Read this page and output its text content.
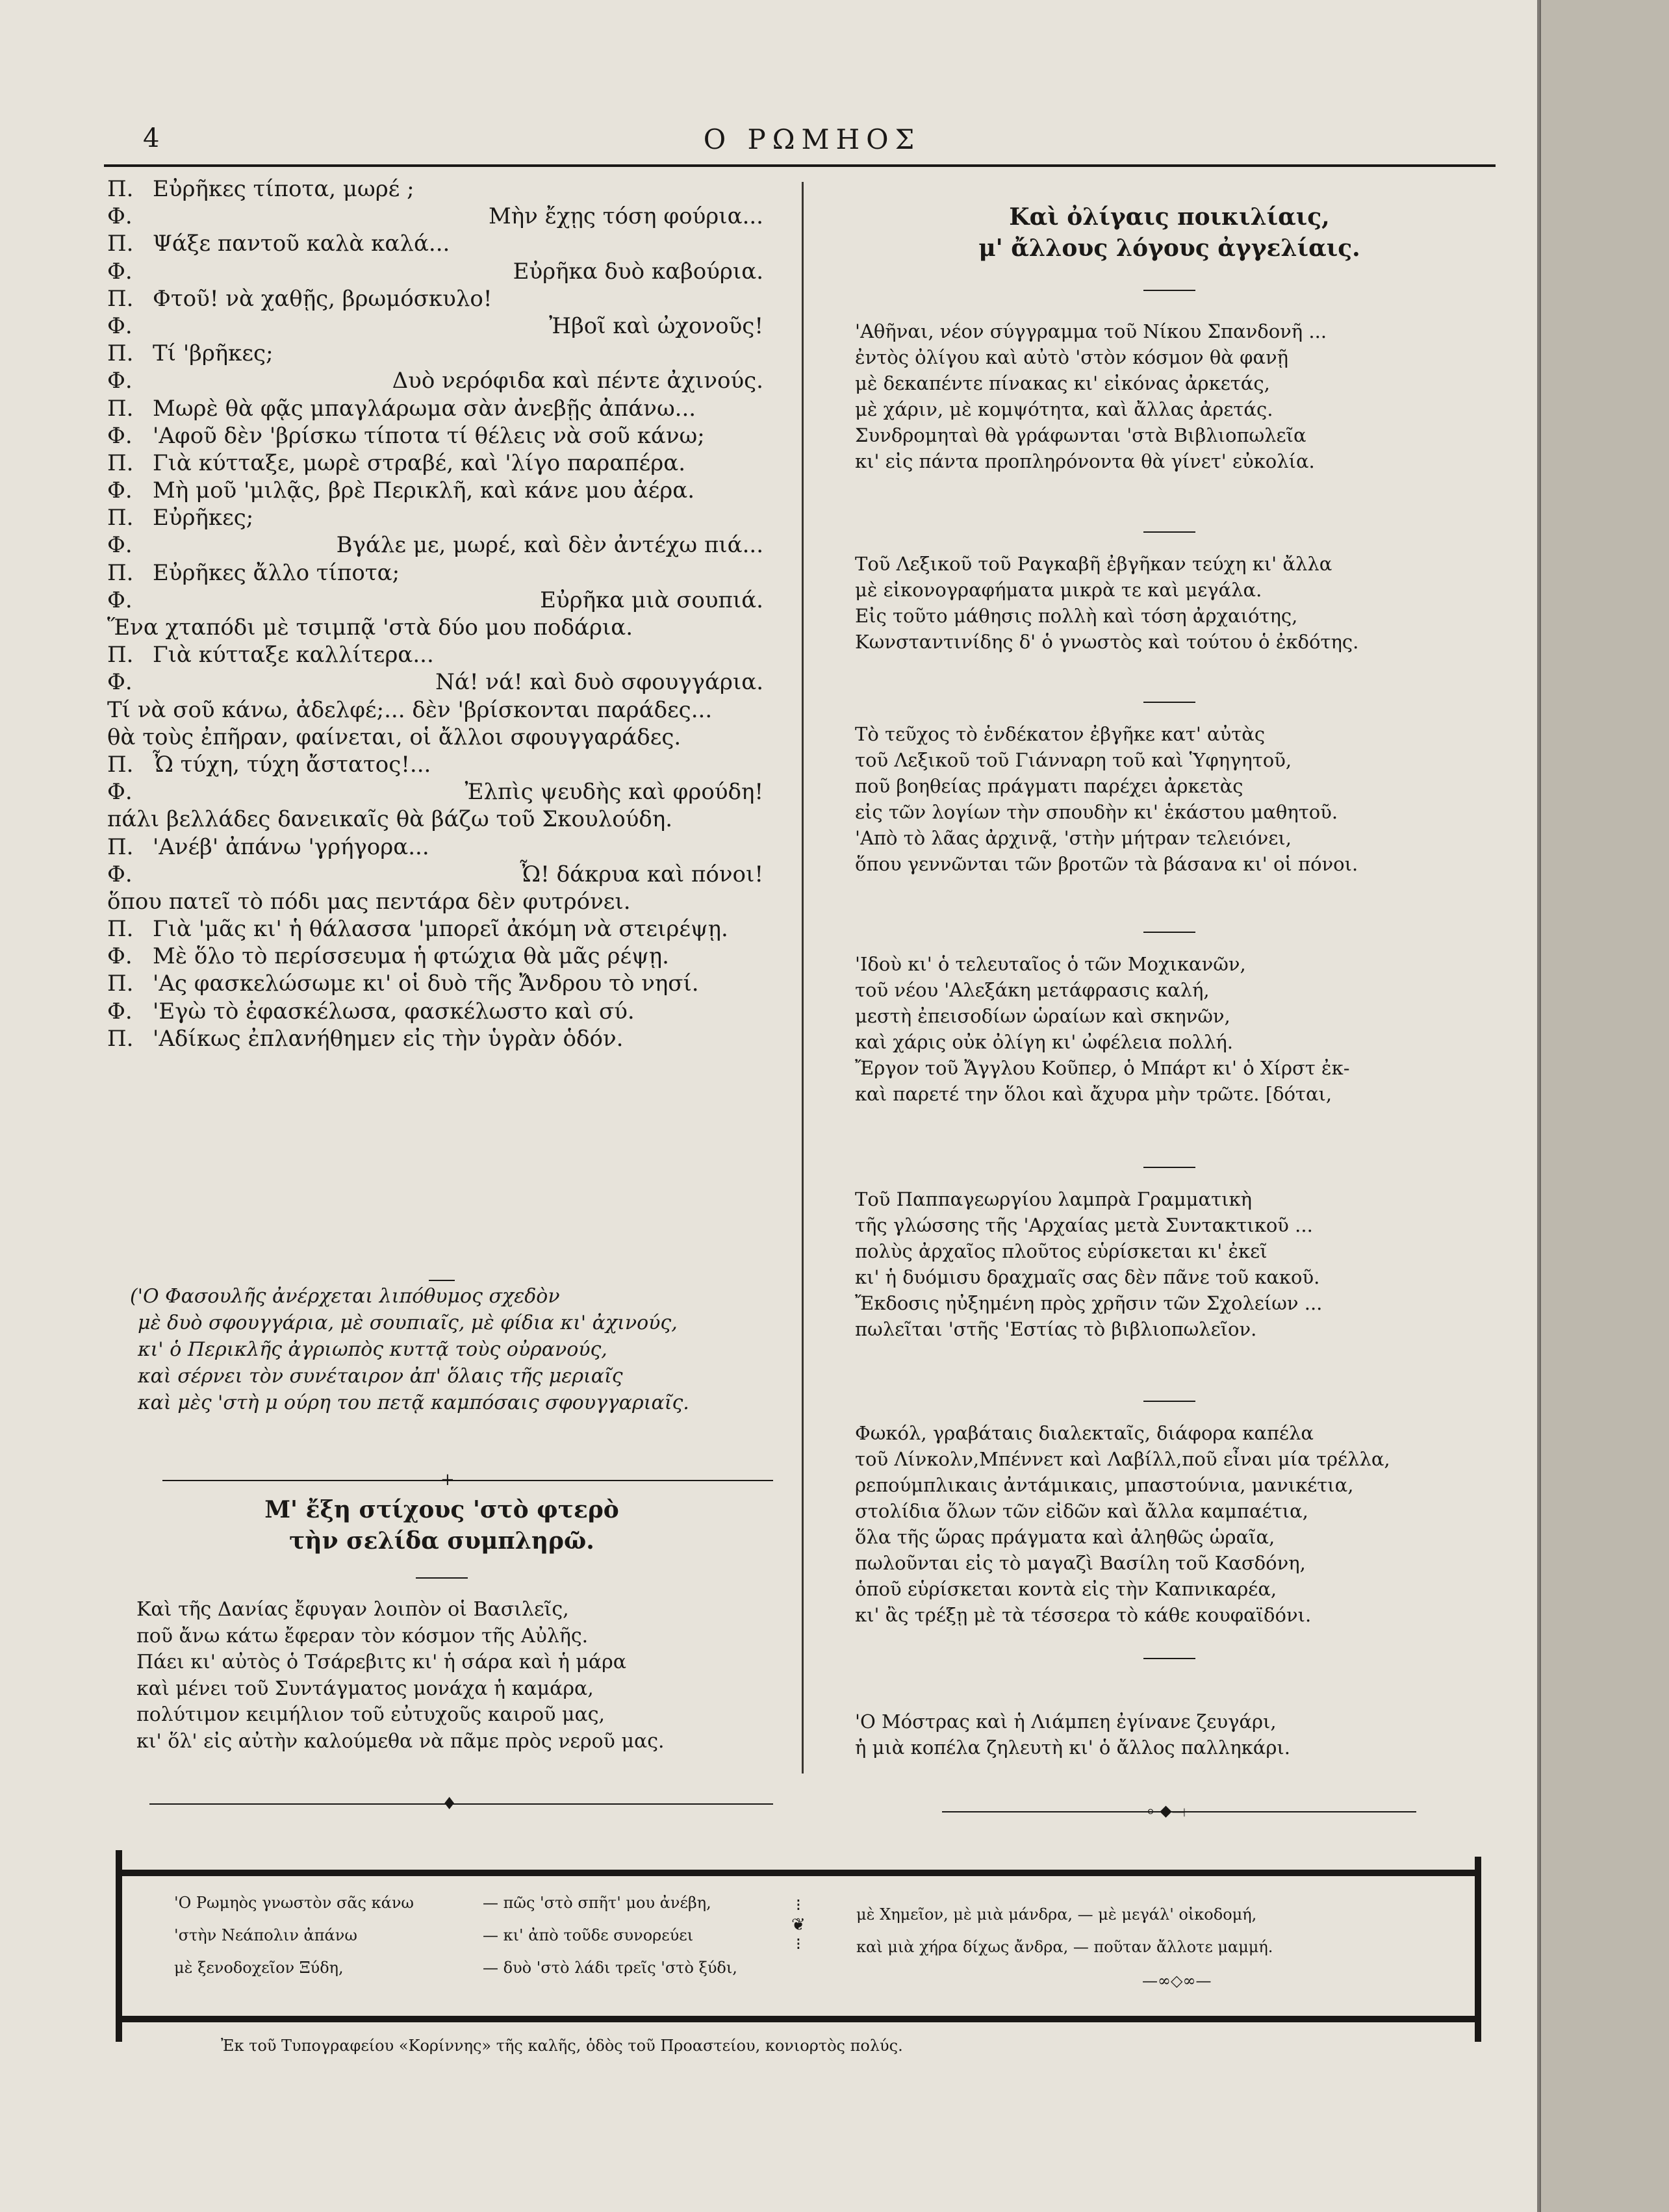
4	Ο ΡΩΜΗΟΣ
Π. Εὐρῆκες τίποτα, μωρέ ;
Φ.	Μὴν ἔχῃς τόση φούρια...
Π. Ψάξε παντοῦ καλὰ καλά...
Φ.	Εὐρῆκα δυὸ καβούρια.
Π. Φτοῦ! νὰ χαθῇς, βρωμόσκυλο!
Φ.	Ἠβοῖ καὶ ὠχονοῦς!
Π. Τί 'βρῆκες;
Φ.	Δυὸ νερόφιδα καὶ πέντε ἀχινούς.
Π. Μωρὲ θὰ φᾷς μπαγλάρωμα σὰν ἀνεβῇς ἀπάνω...
Φ. 'Αφοῦ δὲν 'βρίσκω τίποτα τί θέλεις νὰ σοῦ κάνω;
Π. Γιὰ κύτταξε, μωρὲ στραβέ, καὶ 'λίγο παραπέρα.
Φ. Μὴ μοῦ 'μιλᾷς, βρὲ Περικλῆ, καὶ κάνε μου ἀέρα.
Π. Εὐρῆκες;
Φ.	Βγάλε με, μωρέ, καὶ δὲν ἀντέχω πιά...
Π. Εὐρῆκες ἄλλο τίποτα;
Φ.	Εὐρῆκα μιὰ σουπιά.
Ἕνα χταπόδι μὲ τσιμπᾷ 'στὰ δύο μου ποδάρια.
Π. Γιὰ κύτταξε καλλίτερα...
Φ.	Νά! νά! καὶ δυὸ σφουγγάρια.
Τί νὰ σοῦ κάνω, ἀδελφέ;... δὲν 'βρίσκονται παράδες...
θὰ τοὺς ἐπῆραν, φαίνεται, οἱ ἄλλοι σφουγγαράδες.
Π. Ὦ τύχη, τύχη ἄστατος!...
Φ.	Ἐλπὶς ψευδὴς καὶ φρούδη!
πάλι βελλάδες δανεικαῖς θὰ βάζω τοῦ Σκουλούδη.
Π. 'Ανέβ' ἀπάνω 'γρήγορα...
Φ.	Ὦ! δάκρυα καὶ πόνοι!
ὅπου πατεῖ τὸ πόδι μας πεντάρα δὲν φυτρόνει.
Π. Γιὰ 'μᾶς κι' ἡ θάλασσα 'μπορεῖ ἀκόμη νὰ στειρέψῃ.
Φ. Μὲ ὅλο τὸ περίσσευμα ἡ φτώχια θὰ μᾶς ρέψῃ.
Π. 'Ας φασκελώσωμε κι' οἱ δυὸ τῆς Ἄνδρου τὸ νησί.
Φ. 'Εγὼ τὸ ἐφασκέλωσα, φασκέλωστο καὶ σύ.
Π. 'Αδίκως ἐπλανήθημεν εἰς τὴν ὑγρὰν ὁδόν.
('Ο Φασουλῆς ἀνέρχεται λιπόθυμος σχεδὸν
μὲ δυὸ σφουγγάρια, μὲ σουπιαῖς, μὲ φίδια κι' ἀχινούς,
κι' ὁ Περικλῆς ἀγριωπὸς κυττᾷ τοὺς οὐρανούς,
καὶ σέρνει τὸν συνέταιρον ἀπ' ὅλαις τῆς μεριαῖς
καὶ μὲς 'στὴ μ ούρη του πετᾷ καμπόσαις σφουγγαριαῖς.
+
Μ' ἔξη στίχους 'στὸ φτερὸ
τὴν σελίδα συμπληρῶ.
Καὶ τῆς Δανίας ἔφυγαν λοιπὸν οἱ Βασιλεῖς,
ποῦ ἄνω κάτω ἔφεραν τὸν κόσμον τῆς Αὐλῆς.
Πάει κι' αὐτὸς ὁ Τσάρεβιτς κι' ἡ σάρα καὶ ἡ μάρα
καὶ μένει τοῦ Συντάγματος μονάχα ἡ καμάρα,
πολύτιμον κειμήλιον τοῦ εὐτυχοῦς καιροῦ μας,
κι' ὅλ' εἰς αὐτὴν καλούμεθα νὰ πᾶμε πρὸς νεροῦ μας.
♦
Καὶ ὀλίγαις ποικιλίαις,
μ' ἄλλους λόγους ἀγγελίαις.
'Αθῆναι, νέον σύγγραμμα τοῦ Νίκου Σπανδονῆ ...
ἐντὸς ὀλίγου καὶ αὐτὸ 'στὸν κόσμον θὰ φανῇ
μὲ δεκαπέντε πίνακας κι' εἰκόνας ἀρκετάς,
μὲ χάριν, μὲ κομψότητα, καὶ ἄλλας ἀρετάς.
Συνδρομηταὶ θὰ γράφωνται 'στὰ Βιβλιοπωλεῖα
κι' εἰς πάντα προπληρόνοντα θὰ γίνετ' εὐκολία.
Τοῦ Λεξικοῦ τοῦ Ραγκαβῆ ἐβγῆκαν τεύχη κι' ἄλλα
μὲ εἰκονογραφήματα μικρὰ τε καὶ μεγάλα.
Εἰς τοῦτο μάθησις πολλὴ καὶ τόση ἀρχαιότης,
Κωνσταντινίδης δ' ὁ γνωστὸς καὶ τούτου ὁ ἐκδότης.
Τὸ τεῦχος τὸ ἑνδέκατον ἐβγῆκε κατ' αὐτὰς
τοῦ Λεξικοῦ τοῦ Γιάνναρη τοῦ καὶ Ὑφηγητοῦ,
ποῦ βοηθείας πράγματι παρέχει ἀρκετὰς
εἰς τῶν λογίων τὴν σπουδὴν κι' ἑκάστου μαθητοῦ.
'Απὸ τὸ λᾶας ἀρχινᾷ, 'στὴν μήτραν τελειόνει,
ὅπου γεννῶνται τῶν βροτῶν τὰ βάσανα κι' οἱ πόνοι.
'Ιδοὺ κι' ὁ τελευταῖος ὁ τῶν Μοχικανῶν,
τοῦ νέου 'Αλεξάκη μετάφρασις καλή,
μεστὴ ἐπεισοδίων ὡραίων καὶ σκηνῶν,
καὶ χάρις οὐκ ὀλίγη κι' ὠφέλεια πολλή.
Ἔργον τοῦ Ἄγγλου Κοῦπερ, ὁ Μπάρτ κι' ὁ Χίρστ ἐκ-
καὶ παρετέ την ὅλοι καὶ ἄχυρα μὴν τρῶτε. [δόται,
Τοῦ Παππαγεωργίου λαμπρὰ Γραμματικὴ
τῆς γλώσσης τῆς 'Αρχαίας μετὰ Συντακτικοῦ ...
πολὺς ἀρχαῖος πλοῦτος εὑρίσκεται κι' ἐκεῖ
κι' ἡ δυόμισυ δραχμαῖς σας δὲν πᾶνε τοῦ κακοῦ.
Ἔκδοσις ηὐξημένη πρὸς χρῆσιν τῶν Σχολείων ...
πωλεῖται 'στῆς 'Εστίας τὸ βιβλιοπωλεῖον.
Φωκόλ, γραβάταις διαλεκταῖς, διάφορα καπέλα
τοῦ Λίνκολν,Μπέννετ καὶ Λαβίλλ,ποῦ εἶναι μία τρέλλα,
ρεπούμπλικαις ἀντάμικαις, μπαστούνια, μανικέτια,
στολίδια ὅλων τῶν εἰδῶν καὶ ἄλλα καμπαέτια,
ὅλα τῆς ὥρας πράγματα καὶ ἀληθῶς ὡραῖα,
πωλοῦνται εἰς τὸ μαγαζὶ Βασίλη τοῦ Κασδόνη,
ὁποῦ εὑρίσκεται κοντὰ εἰς τὴν Καπνικαρέα,
κι' ἂς τρέξῃ μὲ τὰ τέσσερα τὸ κάθε κουφαϊδόνι.
'Ο Μόστρας καὶ ἡ Λιάμπεη ἐγίνανε ζευγάρι,
ἡ μιὰ κοπέλα ζηλευτὴ κι' ὁ ἄλλος παλληκάρι.
⟜◆⟞
'Ο Ρωμηὸς γνωστὸν σᾶς κάνω	— πῶς 'στὸ σπῆτ' μου ἀνέβη,
'στὴν Νεάπολιν ἀπάνω	— κι' ἀπὸ τοῦδε συνορεύει
μὲ ξενοδοχεῖον Ξύδη,	— δυὸ 'στὸ λάδι τρεῖς 'στὸ ξύδι,
⁝
❦
⁝
μὲ Χημεῖον, μὲ μιὰ μάνδρα, — μὲ μεγάλ' οἰκοδομή,
καὶ μιὰ χήρα δίχως ἄνδρα, — ποῦταν ἄλλοτε μαμμή.
—∞◇∞—
Ἐκ τοῦ Τυπογραφείου «Κορίννης» τῆς καλῆς, ὁδὸς τοῦ Προαστείου, κονιορτὸς πολύς.
